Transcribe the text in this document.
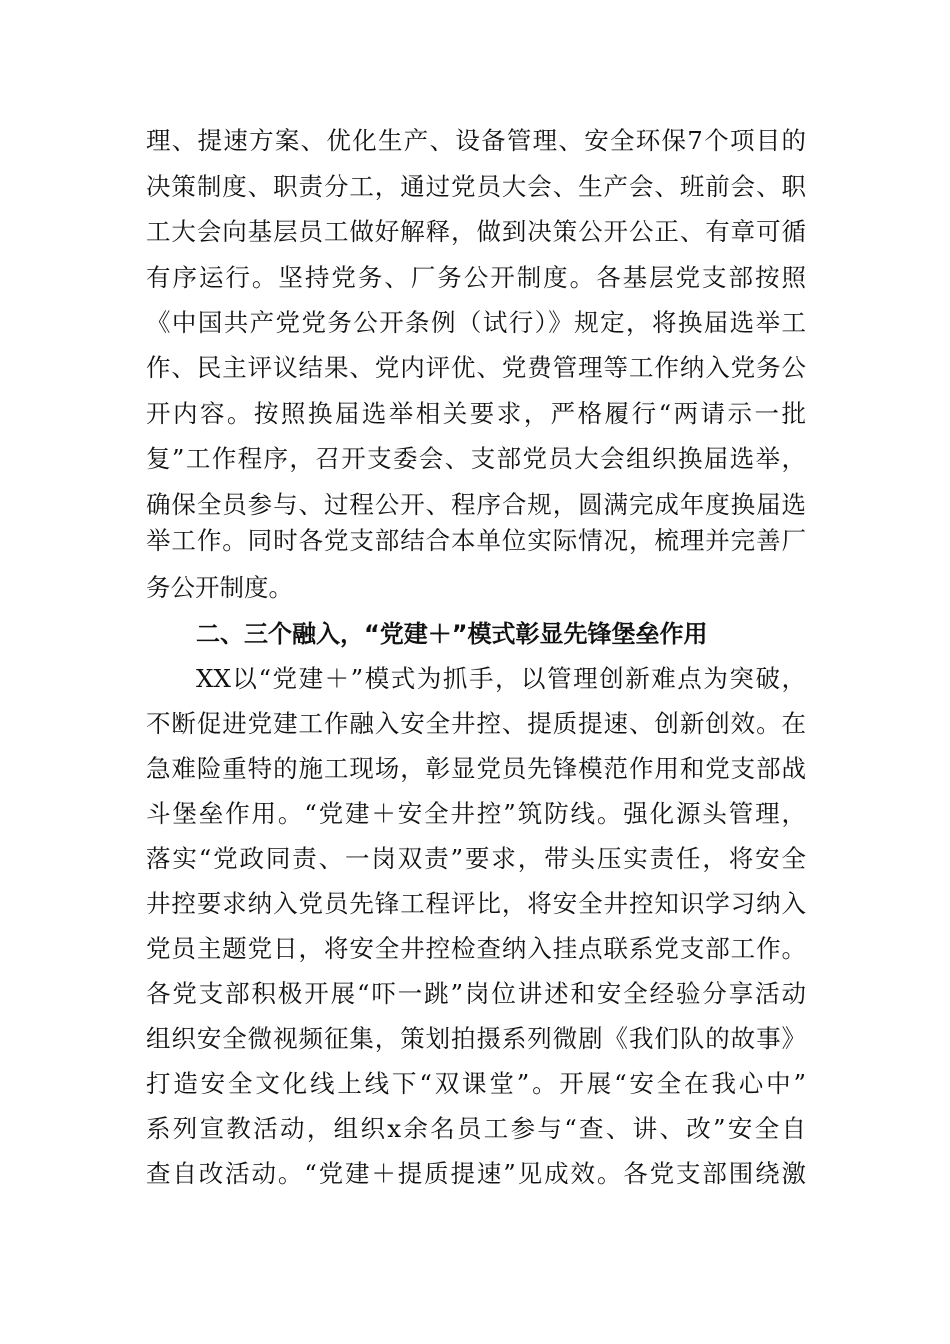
理、提速方案、优化生产、设备管理、安全环保7个项目的
决策制度、职责分工，通过党员大会、生产会、班前会、职
工大会向基层员工做好解释，做到决策公开公正、有章可循
有序运行。坚持党务、厂务公开制度。各基层党支部按照
《中国共产党党务公开条例（试行）》规定，将换届选举工
作、民主评议结果、党内评优、党费管理等工作纳入党务公
开内容。按照换届选举相关要求，严格履行“两请示一批
复”工作程序，召开支委会、支部党员大会组织换届选举，
确保全员参与、过程公开、程序合规，圆满完成年度换届选
举工作。同时各党支部结合本单位实际情况，梳理并完善厂
务公开制度。
二、三个融入，“党建＋”模式彰显先锋堡垒作用
XX以“党建＋”模式为抓手，以管理创新难点为突破，
不断促进党建工作融入安全井控、提质提速、创新创效。在
急难险重特的施工现场，彰显党员先锋模范作用和党支部战
斗堡垒作用。“党建＋安全井控”筑防线。强化源头管理，
落实“党政同责、一岗双责”要求，带头压实责任，将安全
井控要求纳入党员先锋工程评比，将安全井控知识学习纳入
党员主题党日，将安全井控检查纳入挂点联系党支部工作。
各党支部积极开展“吓一跳”岗位讲述和安全经验分享活动
组织安全微视频征集，策划拍摄系列微剧《我们队的故事》
打造安全文化线上线下“双课堂”。开展“安全在我心中”
系列宣教活动，组织x余名员工参与“查、讲、改”安全自
查自改活动。“党建＋提质提速”见成效。各党支部围绕激
